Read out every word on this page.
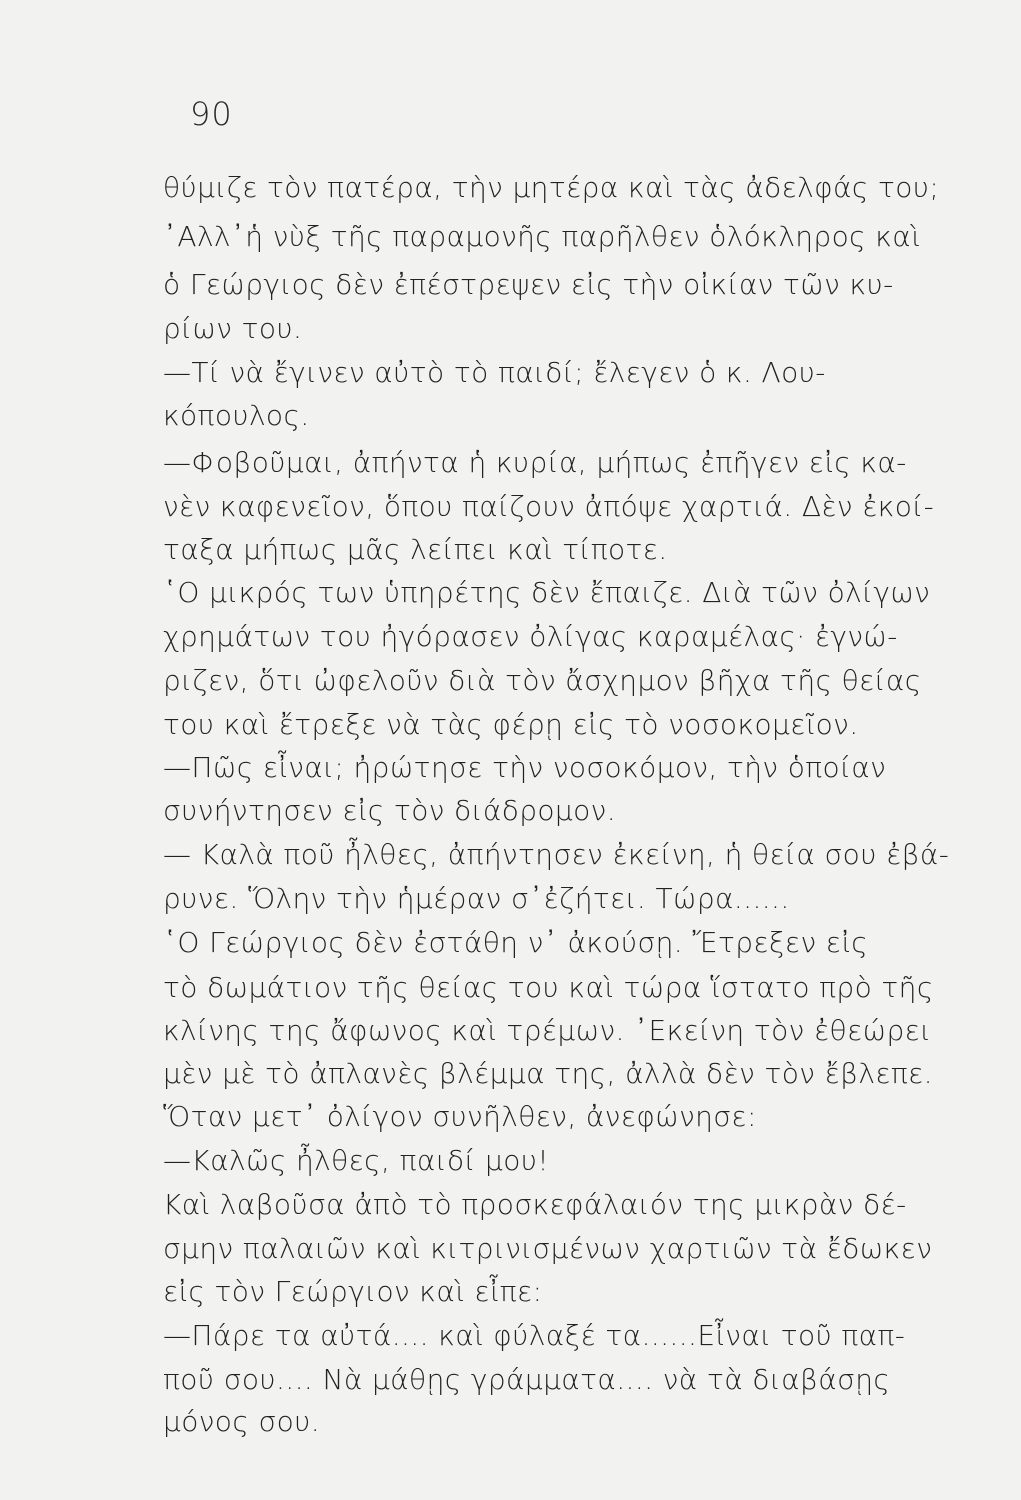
90
θύμιζε τὸν πατέρα, τὴν μητέρα καὶ τὰς ἀδελφάς του;
᾿Αλλ᾿ἡ νὺξ τῆς παραμονῆς παρῆλθεν ὁλόκληρος καὶ
ὁ Γεώργιος δὲν ἐπέστρεψεν εἰς τὴν οἰκίαν τῶν κυ-
ρίων του.
—Τί νὰ ἔγινεν αὐτὸ τὸ παιδί; ἔλεγεν ὁ κ. Λου-
κόπουλος.
—Φοβοῦμαι, ἀπήντα ἡ κυρία, μήπως ἐπῆγεν εἰς κα-
νὲν καφενεῖον, ὅπου παίζουν ἀπόψε χαρτιά. Δὲν ἐκοί-
ταξα μήπως μᾶς λείπει καὶ τίποτε.
῾Ο μικρός των ὑπηρέτης δὲν ἔπαιζε. Διὰ τῶν ὀλίγων
χρημάτων του ἠγόρασεν ὀλίγας καραμέλας· ἐγνώ-
ριζεν, ὅτι ὠφελοῦν διὰ τὸν ἄσχημον βῆχα τῆς θείας
του καὶ ἔτρεξε νὰ τὰς φέρῃ εἰς τὸ νοσοκομεῖον.
—Πῶς εἶναι; ἠρώτησε τὴν νοσοκόμον, τὴν ὁποίαν
συνήντησεν εἰς τὸν διάδρομον.
— Καλὰ ποῦ ἦλθες, ἀπήντησεν ἐκείνη, ἡ θεία σου ἐβά-
ρυνε. Ὅλην τὴν ἡμέραν σ᾿ἐζήτει. Τώρα......
῾Ο Γεώργιος δὲν ἐστάθη ν᾿ ἀκούσῃ. Ἔτρεξεν εἰς
τὸ δωμάτιον τῆς θείας του καὶ τώρα ἵστατο πρὸ τῆς
κλίνης της ἄφωνος καὶ τρέμων. ᾿Εκείνη τὸν ἐθεώρει
μὲν μὲ τὸ ἀπλανὲς βλέμμα της, ἀλλὰ δὲν τὸν ἔβλεπε.
Ὅταν μετ᾿ ὀλίγον συνῆλθεν, ἀνεφώνησε:
—Καλῶς ἦλθες, παιδί μου!
Καὶ λαβοῦσα ἀπὸ τὸ προσκεφάλαιόν της μικρὰν δέ-
σμην παλαιῶν καὶ κιτρινισμένων χαρτιῶν τὰ ἔδωκεν
εἰς τὸν Γεώργιον καὶ εἶπε:
—Πάρε τα αὐτά.... καὶ φύλαξέ τα......Εἶναι τοῦ παπ-
ποῦ σου.... Νὰ μάθῃς γράμματα.... νὰ τὰ διαβάσῃς
μόνος σου.
